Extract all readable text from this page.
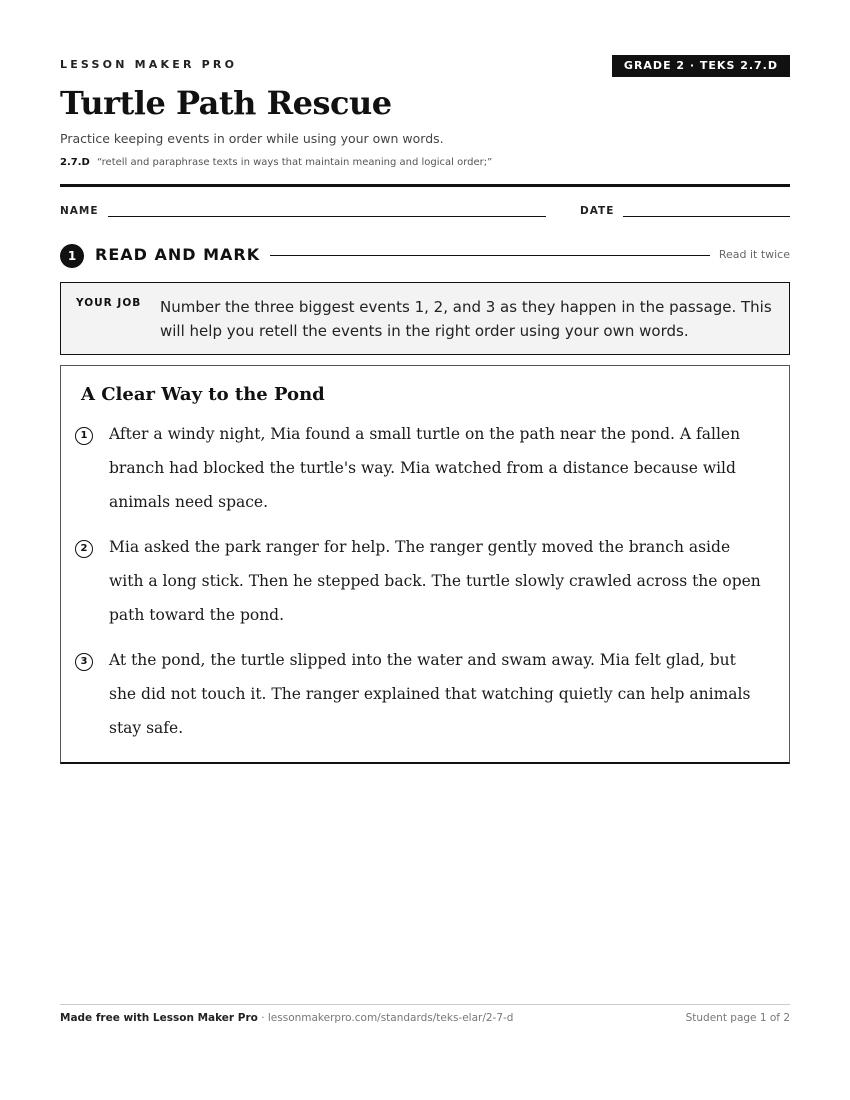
LESSON MAKER PRO	GRADE 2 · TEKS 2.7.D
Turtle Path Rescue
Practice keeping events in order while using your own words.
2.7.D “retell and paraphrase texts in ways that maintain meaning and logical order;”
NAME	DATE
1	READ AND MARK	Read it twice
YOUR JOB Number the three biggest events 1, 2, and 3 as they happen in the passage. This will help you retell the events in the right order using your own words.
A Clear Way to the Pond
1	After a windy night, Mia found a small turtle on the path near the pond. A fallen branch had blocked the turtle's way. Mia watched from a distance because wild animals need space.
2	Mia asked the park ranger for help. The ranger gently moved the branch aside with a long stick. Then he stepped back. The turtle slowly crawled across the open path toward the pond.
3	At the pond, the turtle slipped into the water and swam away. Mia felt glad, but she did not touch it. The ranger explained that watching quietly can help animals stay safe.
Made free with Lesson Maker Pro · lessonmakerpro.com/standards/teks-elar/2-7-d	Student page 1 of 2
